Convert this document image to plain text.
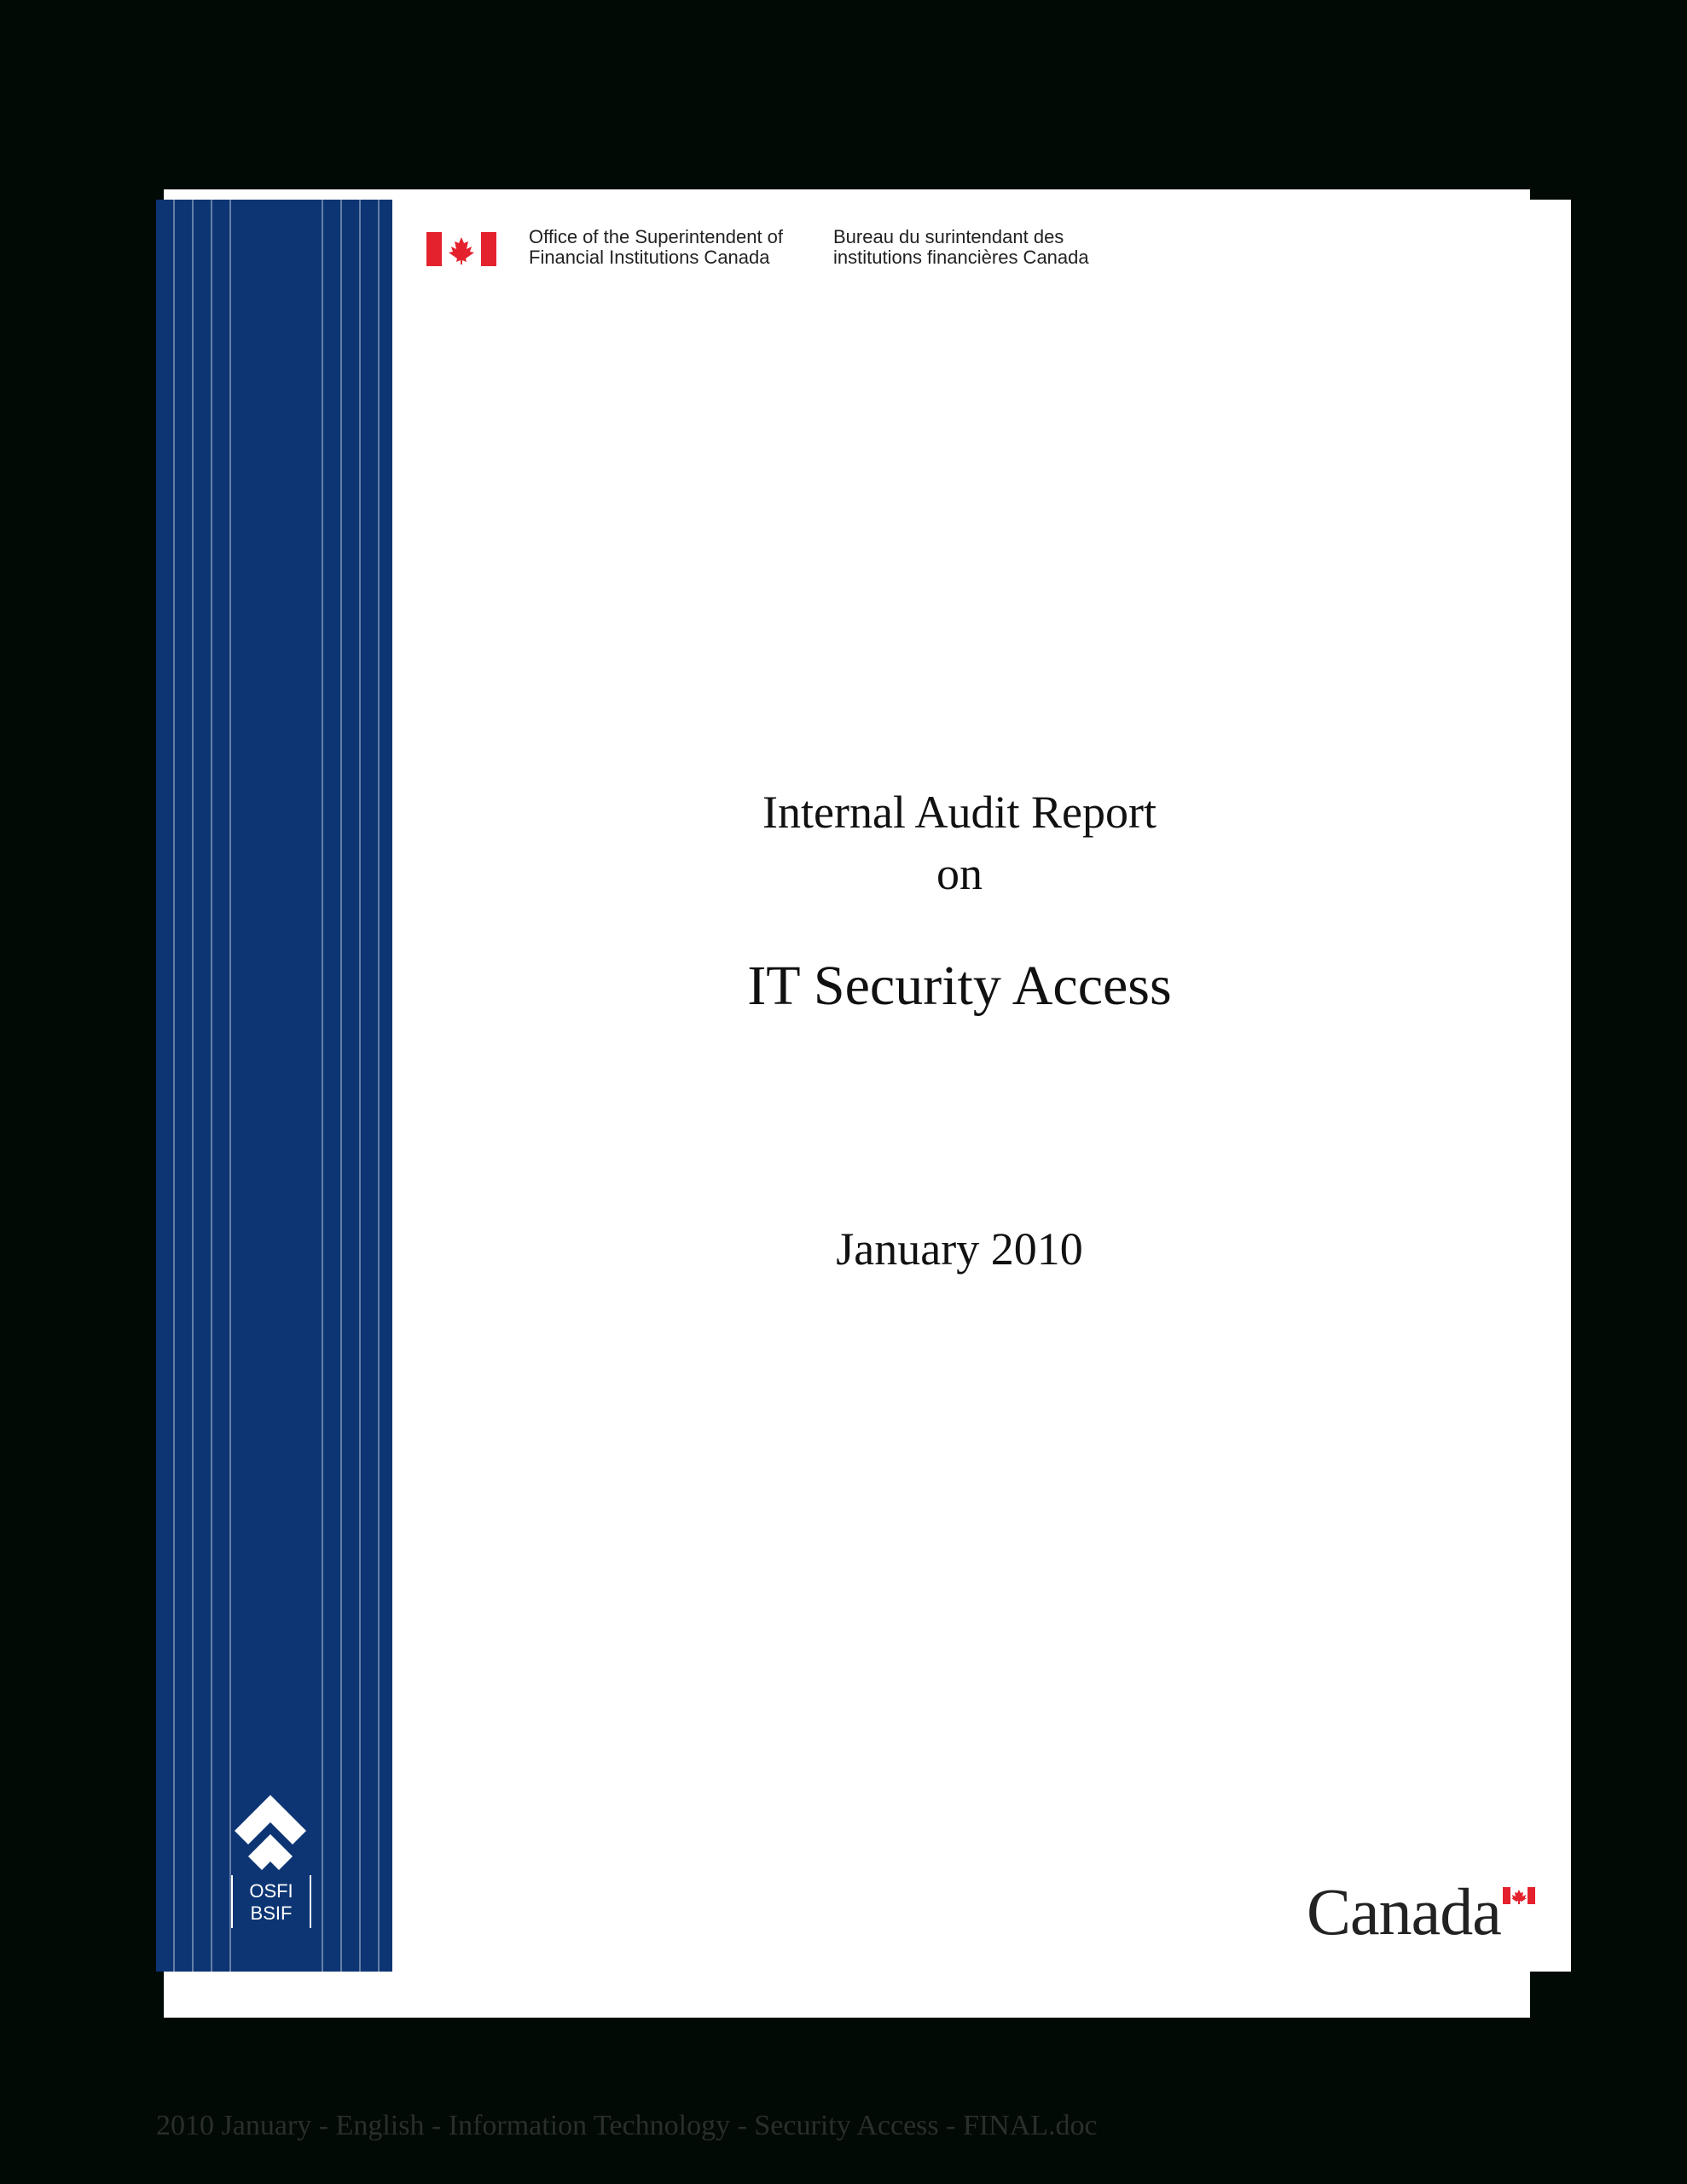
OSFI
BSIF
Office of the Superintendent of
Financial Institutions Canada
Bureau du surintendant des
institutions financières Canada
Internal Audit Report
on
IT Security Access
January 2010
Canada
2010 January - English - Information Technology - Security Access - FINAL.doc
